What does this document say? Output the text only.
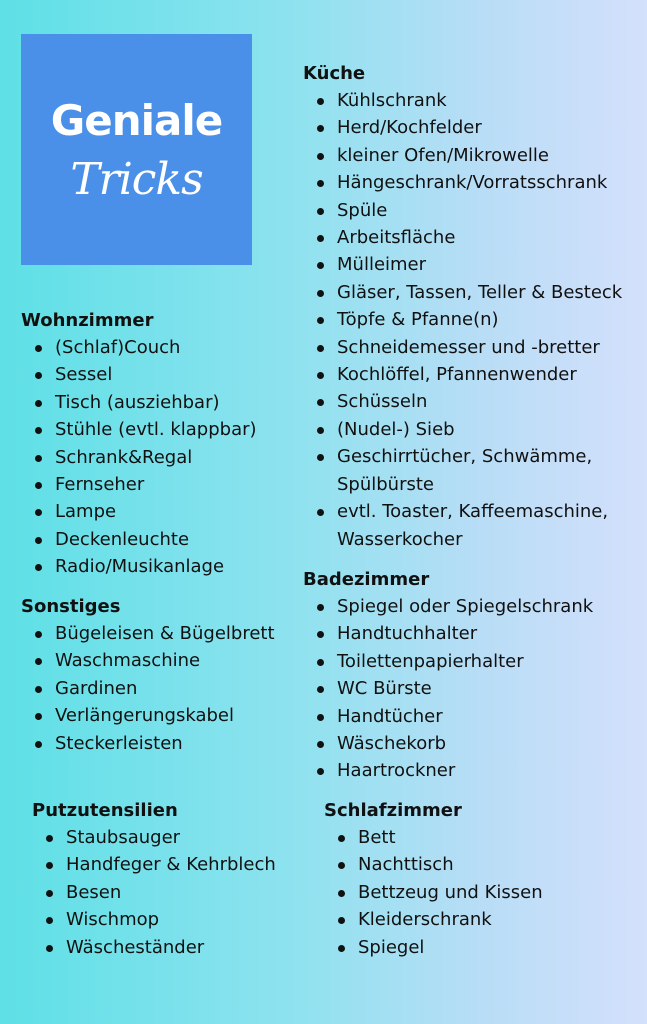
Geniale
Tricks
Wohnzimmer
(Schlaf)Couch
Sessel
Tisch (ausziehbar)
Stühle (evtl. klappbar)
Schrank&Regal
Fernseher
Lampe
Deckenleuchte
Radio/Musikanlage
Sonstiges
Bügeleisen & Bügelbrett
Waschmaschine
Gardinen
Verlängerungskabel
Steckerleisten
Putzutensilien
Staubsauger
Handfeger & Kehrblech
Besen
Wischmop
Wäscheständer
Küche
Kühlschrank
Herd/Kochfelder
kleiner Ofen/Mikrowelle
Hängeschrank/Vorratsschrank
Spüle
Arbeitsfläche
Mülleimer
Gläser, Tassen, Teller & Besteck
Töpfe & Pfanne(n)
Schneidemesser und -bretter
Kochlöffel, Pfannenwender
Schüsseln
(Nudel-) Sieb
Geschirrtücher, Schwämme, Spülbürste
evtl. Toaster, Kaffeemaschine, Wasserkocher
Badezimmer
Spiegel oder Spiegelschrank
Handtuchhalter
Toilettenpapierhalter
WC Bürste
Handtücher
Wäschekorb
Haartrockner
Schlafzimmer
Bett
Nachttisch
Bettzeug und Kissen
Kleiderschrank
Spiegel
